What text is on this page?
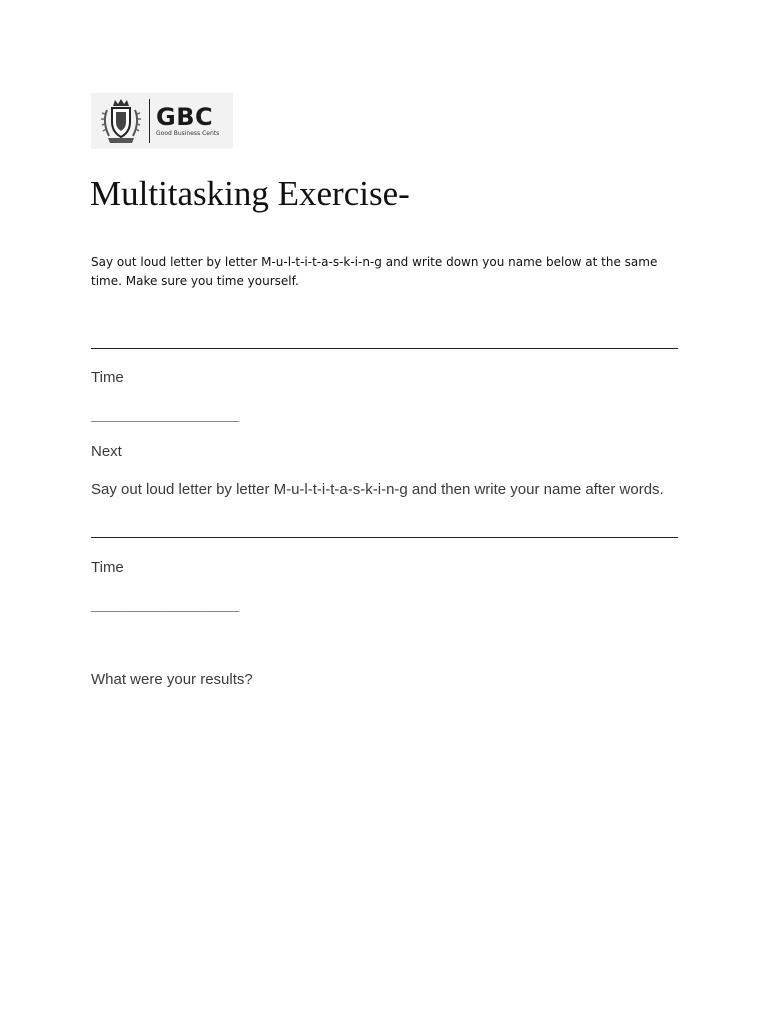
GBC
Good Business Cents
Multitasking Exercise-

Say out loud letter by letter M-u-l-t-i-t-a-s-k-i-n-g and write down you name below at the same time. Make sure you time yourself.

Time

___________________

Next

Say out loud letter by letter M-u-l-t-i-t-a-s-k-i-n-g and then write your name after words.

Time

___________________

What were your results?
